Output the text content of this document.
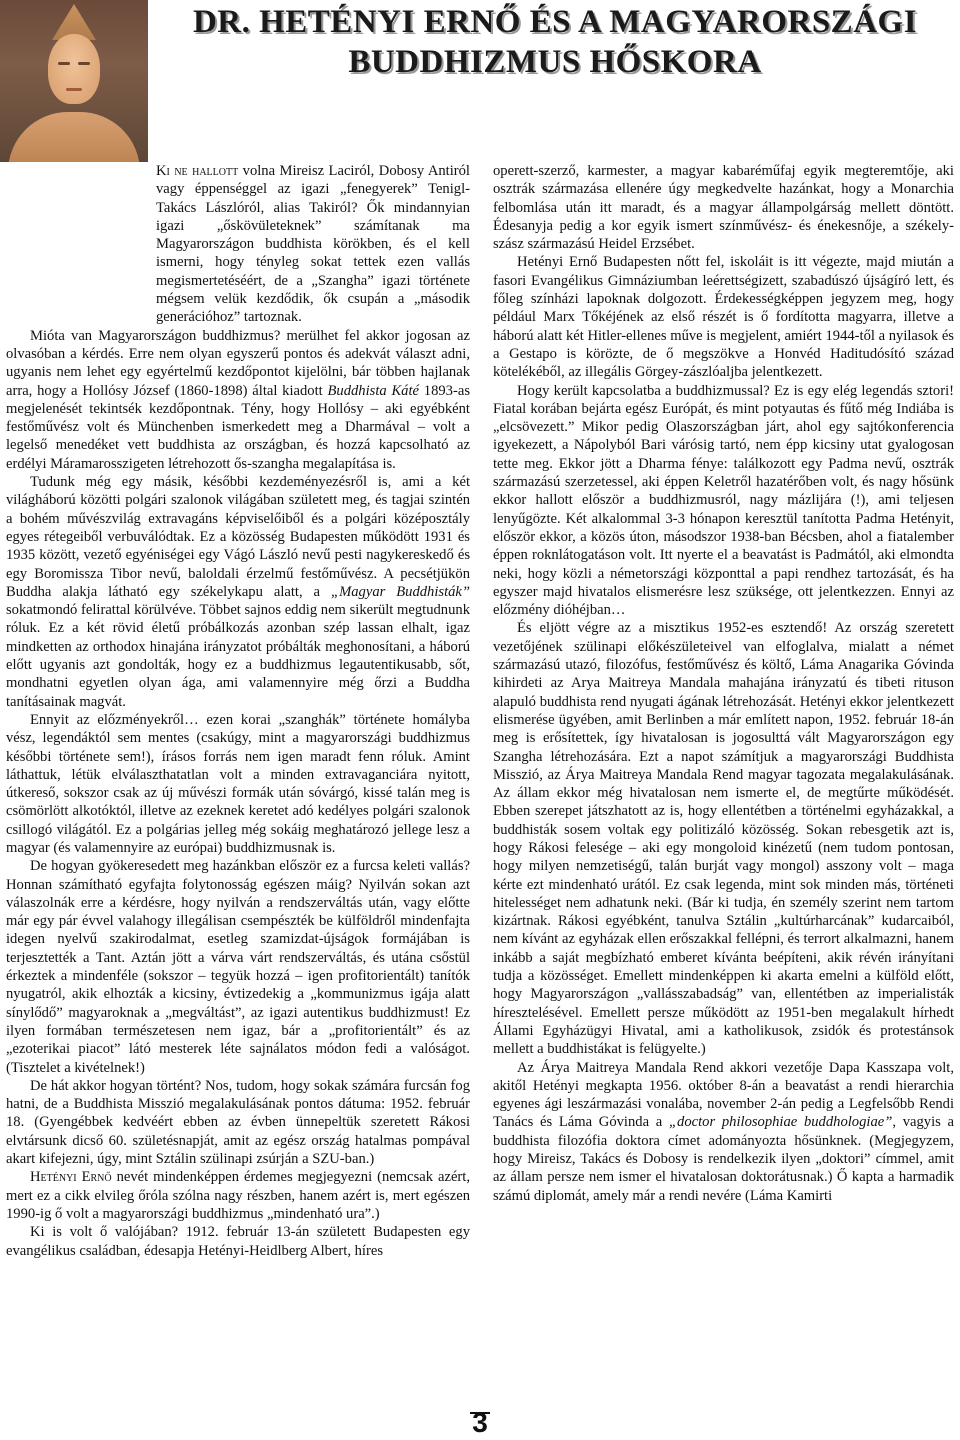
DR. HETÉNYI ERNŐ ÉS A MAGYARORSZÁGI
BUDDHIZMUS HŐSKORA

Ki ne hallott volna Mireisz Laciról, Dobosy Antiról vagy éppenséggel az igazi „fenegyerek” Tenigl-Takács Lászlóról, alias Takiról? Ők mindannyian igazi „őskövületeknek” számítanak ma Magyarországon buddhista körökben, és el kell ismerni, hogy tényleg sokat tettek ezen vallás megismertetéséért, de a „Szangha” igazi története mégsem velük kezdődik, ők csupán a „második generációhoz” tartoznak.

Mióta van Magyarországon buddhizmus? merülhet fel akkor jogosan az olvasóban a kérdés. Erre nem olyan egyszerű pontos és adekvát választ adni, ugyanis nem lehet egy egyértelmű kezdőpontot kijelölni, bár többen hajlanak arra, hogy a Hollósy József (1860-1898) által kiadott Buddhista Káté 1893-as megjelenését tekintsék kezdőpontnak. Tény, hogy Hollósy – aki egyébként festőművész volt és Münchenben ismerkedett meg a Dharmával – volt a legelső menedéket vett buddhista az országban, és hozzá kapcsolható az erdélyi Máramarosszigeten létrehozott ős-szangha megalapítása is.

Tudunk még egy másik, későbbi kezdeményezésről is, ami a két világháború közötti polgári szalonok világában született meg, és tagjai szintén a bohém művészvilág extravagáns képviselőiből és a polgári középosztály egyes rétegeiből verbuválódtak. Ez a közösség Budapesten működött 1931 és 1935 között, vezető egyéniségei egy Vágó László nevű pesti nagykereskedő és egy Boromissza Tibor nevű, baloldali érzelmű festőművész. A pecsétjükön Buddha alakja látható egy székelykapu alatt, a „Magyar Buddhisták” sokatmondó felirattal körülvéve. Többet sajnos eddig nem sikerült megtudnunk róluk. Ez a két rövid életű próbálkozás azonban szép lassan elhalt, igaz mindketten az orthodox hinajána irányzatot próbálták meghonosítani, a háború előtt ugyanis azt gondolták, hogy ez a buddhizmus legautentikusabb, sőt, mondhatni egyetlen olyan ága, ami valamennyire még őrzi a Buddha tanításainak magvát.

Ennyit az előzményekről… ezen korai „szanghák” története homályba vész, legendáktól sem mentes (csakúgy, mint a magyarországi buddhizmus későbbi története sem!), írásos forrás nem igen maradt fenn róluk. Amint láthattuk, létük elválaszthatatlan volt a minden extravaganciára nyitott, útkereső, sokszor csak az új művészi formák után sóvárgó, kissé talán meg is csömörlött alkotóktól, illetve az ezeknek keretet adó kedélyes polgári szalonok csillogó világától. Ez a polgárias jelleg még sokáig meghatározó jellege lesz a magyar (és valamennyire az európai) buddhizmusnak is.

De hogyan gyökeresedett meg hazánkban először ez a furcsa keleti vallás? Honnan számítható egyfajta folytonosság egészen máig? Nyilván sokan azt válaszolnák erre a kérdésre, hogy nyilván a rendszerváltás után, vagy előtte már egy pár évvel valahogy illegálisan csempészték be külföldről mindenfajta idegen nyelvű szakirodalmat, esetleg szamizdat-újságok formájában is terjesztették a Tant. Aztán jött a várva várt rendszerváltás, és utána csőstül érkeztek a mindenféle (sokszor – tegyük hozzá – igen profitorientált) tanítók nyugatról, akik elhozták a kicsiny, évtizedekig a „kommunizmus igája alatt sínylődő” magyaroknak a „megváltást”, az igazi autentikus buddhizmust! Ez ilyen formában természetesen nem igaz, bár a „profitorientált” és az „ezoterikai piacot” látó mesterek léte sajnálatos módon fedi a valóságot. (Tisztelet a kivételnek!)

De hát akkor hogyan történt? Nos, tudom, hogy sokak számára furcsán fog hatni, de a Buddhista Misszió megalakulásának pontos dátuma: 1952. február 18. (Gyengébbek kedvéért ebben az évben ünnepeltük szeretett Rákosi elvtársunk dicső 60. születésnapját, amit az egész ország hatalmas pompával akart kifejezni, úgy, mint Sztálin szülinapi zsúrján a SZU-ban.)

Hetényi Ernő nevét mindenképpen érdemes megjegyezni (nemcsak azért, mert ez a cikk elvileg őróla szólna nagy részben, hanem azért is, mert egészen 1990-ig ő volt a magyarországi buddhizmus „mindenható ura”.)

Ki is volt ő valójában? 1912. február 13-án született Budapesten egy evangélikus családban, édesapja Hetényi-Heidlberg Albert, híres

operett-szerző, karmester, a magyar kabaréműfaj egyik megteremtője, aki osztrák származása ellenére úgy megkedvelte hazánkat, hogy a Monarchia felbomlása után itt maradt, és a magyar állampolgárság mellett döntött. Édesanyja pedig a kor egyik ismert színművész- és énekesnője, a székely-szász származású Heidel Erzsébet.

Hetényi Ernő Budapesten nőtt fel, iskoláit is itt végezte, majd miután a fasori Evangélikus Gimnáziumban leérettségizett, szabadúszó újságíró lett, és főleg színházi lapoknak dolgozott. Érdekességképpen jegyzem meg, hogy például Marx Tőkéjének az első részét is ő fordította magyarra, illetve a háború alatt két Hitler-ellenes műve is megjelent, amiért 1944-től a nyilasok és a Gestapo is körözte, de ő megszökve a Honvéd Haditudósító század kötelékéből, az illegális Görgey-zászlóaljba jelentkezett.

Hogy került kapcsolatba a buddhizmussal? Ez is egy elég legendás sztori! Fiatal korában bejárta egész Európát, és mint potyautas és fűtő még Indiába is „elcsövezett.” Mikor pedig Olaszországban járt, ahol egy sajtókonferencia igyekezett, a Nápolyból Bari várósig tartó, nem épp kicsiny utat gyalogosan tette meg. Ekkor jött a Dharma fénye: találkozott egy Padma nevű, osztrák származású szerzetessel, aki éppen Keletről hazatérőben volt, és nagy hősünk ekkor hallott először a buddhizmusról, nagy mázlijára (!), ami teljesen lenyűgözte. Két alkalommal 3-3 hónapon keresztül tanította Padma Hetényit, először ekkor, a közös úton, másodszor 1938-ban Bécsben, ahol a fiatalember éppen roknlátogatáson volt. Itt nyerte el a beavatást is Padmától, aki elmondta neki, hogy közli a németországi központtal a papi rendhez tartozását, és ha egyszer majd hivatalos elismerésre lesz szüksége, ott jelentkezzen. Ennyi az előzmény dióhéjban…

És eljött végre az a misztikus 1952-es esztendő! Az ország szeretett vezetőjének szülinapi előkészületeivel van elfoglalva, mialatt a német származású utazó, filozófus, festőművész és költő, Láma Anagarika Góvinda kihirdeti az Arya Maitreya Mandala mahajána irányzatú és tibeti rituson alapuló buddhista rend nyugati ágának létrehozását. Hetényi ekkor jelentkezett elismerése ügyében, amit Berlinben a már említett napon, 1952. február 18-án meg is erősítettek, így hivatalosan is jogosulttá vált Magyarországon egy Szangha létrehozására. Ezt a napot számítjuk a magyarországi Buddhista Misszió, az Árya Maitreya Mandala Rend magyar tagozata megalakulásának. Az állam ekkor még hivatalosan nem ismerte el, de megtűrte működését. Ebben szerepet játszhatott az is, hogy ellentétben a történelmi egyházakkal, a buddhisták sosem voltak egy politizáló közösség. Sokan rebesgetik azt is, hogy Rákosi felesége – aki egy mongoloid kinézetű (nem tudom pontosan, hogy milyen nemzetiségű, talán burját vagy mongol) asszony volt – maga kérte ezt mindenható urától. Ez csak legenda, mint sok minden más, történeti hitelességet nem adhatunk neki. (Bár ki tudja, én személy szerint nem tartom kizártnak. Rákosi egyébként, tanulva Sztálin „kultúrharcának” kudarcaiból, nem kívánt az egyházak ellen erőszakkal fellépni, és terrort alkalmazni, hanem inkább a saját megbízható emberet kívánta beépíteni, akik révén irányítani tudja a közösséget. Emellett mindenképpen ki akarta emelni a külföld előtt, hogy Magyarországon „vallásszabadság” van, ellentétben az imperialisták híresztelésével. Emellett persze működött az 1951-ben megalakult hírhedt Állami Egyházügyi Hivatal, ami a katholikusok, zsidók és protestánsok mellett a buddhistákat is felügyelte.)

Az Árya Maitreya Mandala Rend akkori vezetője Dapa Kasszapa volt, akitől Hetényi megkapta 1956. október 8-án a beavatást a rendi hierarchia egyenes ági leszármazási vonalába, november 2-án pedig a Legfelsőbb Rendi Tanács és Láma Góvinda a „doctor philosophiae buddhologiae”, vagyis a buddhista filozófia doktora címet adományozta hősünknek. (Megjegyzem, hogy Mireisz, Takács és Dobosy is rendelkezik ilyen „doktori” címmel, amit az állam persze nem ismer el hivatalosan doktorátusnak.) Ő kapta a harmadik számú diplomát, amely már a rendi nevére (Láma Kamirti

3
